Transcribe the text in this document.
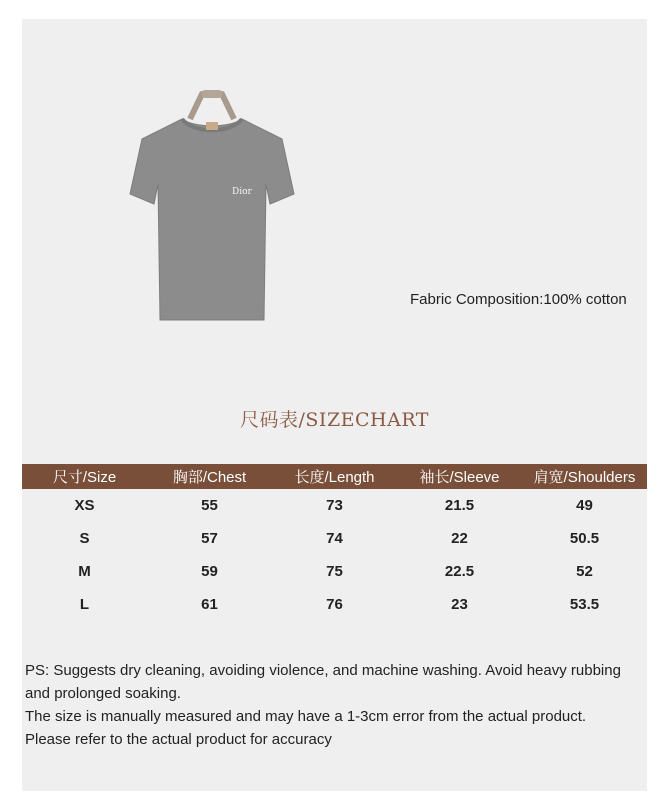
Dior
Fabric Composition:100% cotton
尺码表/SIZECHART
尺寸/Size	胸部/Chest	长度/Length	袖长/Sleeve	肩宽/Shoulders
XS	55	73	21.5	49
S	57	74	22	50.5
M	59	75	22.5	52
L	61	76	23	53.5
PS: Suggests dry cleaning, avoiding violence, and machine washing. Avoid heavy rubbing and prolonged soaking.
The size is manually measured and may have a 1-3cm error from the actual product.
Please refer to the actual product for accuracy
